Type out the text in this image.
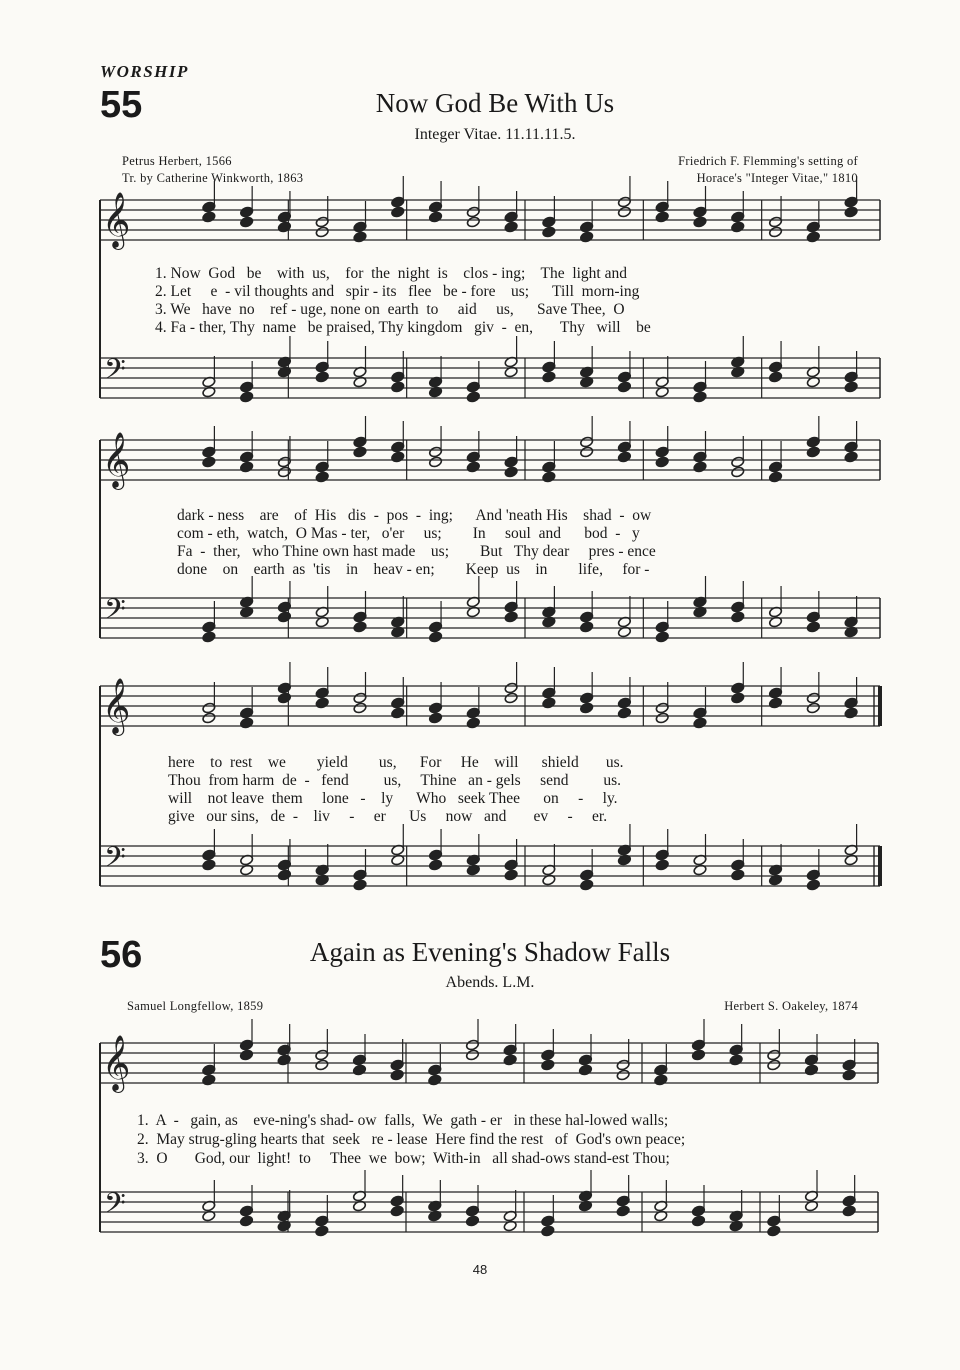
WORSHIP
55	Now God Be With Us
Integer Vitae. 11.11.11.5.
Petrus Herbert, 1566
Tr. by Catherine Winkworth, 1863
Friedrich F. Flemming's setting of
Horace's "Integer Vitae," 1810
𝄞
𝄢
𝄞
𝄢
𝄞
𝄢
𝄞
𝄢
1. Now  God   be    with  us,    for  the  night  is    clos - ing;    The  light and
2. Let     e  - vil thoughts and   spir - its   flee   be - fore    us;      Till  morn-ing
3. We   have  no    ref - uge, none on  earth  to     aid     us,      Save Thee,  O
4. Fa - ther, Thy  name   be praised, Thy kingdom   giv  -  en,       Thy   will    be
dark - ness    are    of  His   dis  -  pos  -  ing;      And 'neath His    shad  -  ow
com - eth,  watch,  O Mas - ter,   o'er     us;        In     soul  and      bod  -   y
Fa  -  ther,   who Thine own hast made    us;        But   Thy dear     pres - ence
done    on    earth  as  'tis    in    heav - en;        Keep  us    in        life,     for -
here    to  rest    we        yield        us,      For     He    will      shield       us.
Thou  from harm  de  -   fend         us,     Thine   an - gels     send         us.
will    not leave  them     lone   -    ly      Who   seek Thee      on     -     ly.
give   our sins,   de  -    liv     -     er      Us     now   and       ev     -     er.
56	Again as Evening's Shadow Falls
Abends. L.M.
Samuel Longfellow, 1859	Herbert S. Oakeley, 1874
1.  A  -   gain, as    eve-ning's shad- ow  falls,  We  gath - er   in these hal-lowed walls;
2.  May strug-gling hearts that  seek   re - lease  Here find the rest   of  God's own peace;
3.  O       God, our  light!  to     Thee  we  bow;  With-in   all shad-ows stand-est Thou;
48
